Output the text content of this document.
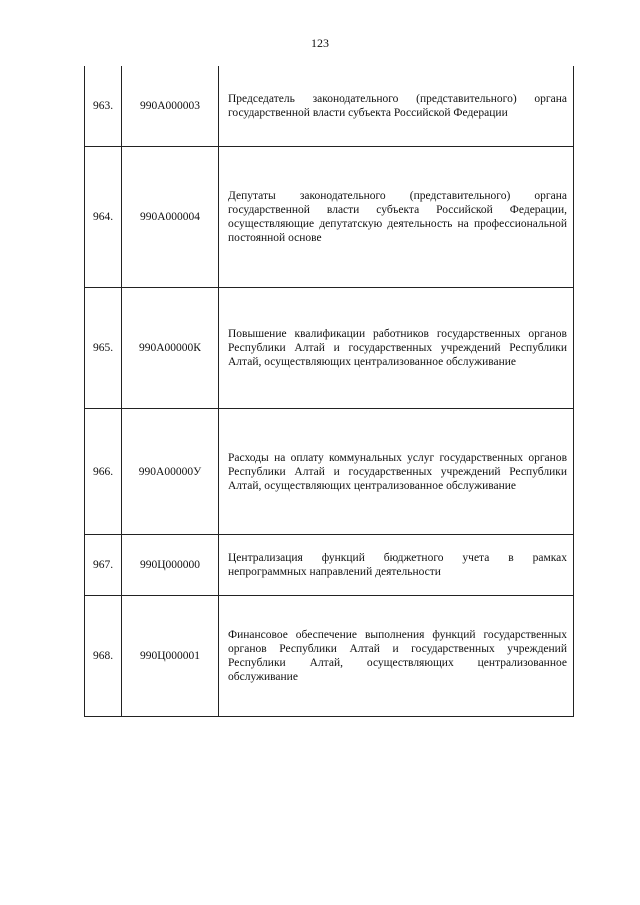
123
963.	990А000003	Председатель законодательного (представительного) органа государственной власти субъекта Российской Федерации
964.	990А000004	Депутаты законодательного (представительного) органа государственной власти субъекта Российской Федерации, осуществляющие депутатскую деятельность на профессиональной постоянной основе
965.	990А00000К	Повышение квалификации работников государственных органов Республики Алтай и государственных учреждений Республики Алтай, осуществляющих централизованное обслуживание
966.	990А00000У	Расходы на оплату коммунальных услуг государственных органов Республики Алтай и государственных учреждений Республики Алтай, осуществляющих централизованное обслуживание
967.	990Ц000000	Централизация функций бюджетного учета в рамках непрограммных направлений деятельности
968.	990Ц000001	Финансовое обеспечение выполнения функций государственных органов Республики Алтай и государственных учреждений Республики Алтай, осуществляющих централизованное обслуживание
